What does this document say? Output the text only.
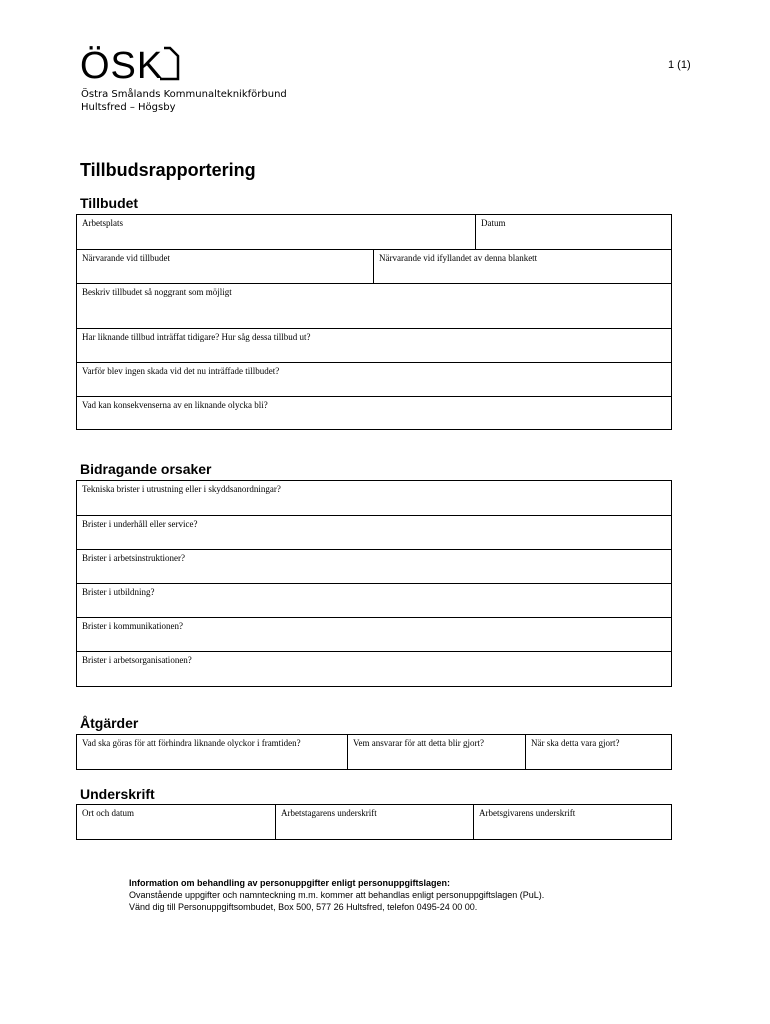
ÖSK
Östra Smålands Kommunalteknikförbund
Hultsfred – Högsby
1 (1)
Tillbudsrapportering
Tillbudet
Arbetsplats	Datum
Närvarande vid tillbudet	Närvarande vid ifyllandet av denna blankett
Beskriv tillbudet så noggrant som möjligt
Har liknande tillbud inträffat tidigare? Hur såg dessa tillbud ut?
Varför blev ingen skada vid det nu inträffade tillbudet?
Vad kan konsekvenserna av en liknande olycka bli?
Bidragande orsaker
Tekniska brister i utrustning eller i skyddsanordningar?
Brister i underhåll eller service?
Brister i arbetsinstruktioner?
Brister i utbildning?
Brister i kommunikationen?
Brister i arbetsorganisationen?
Åtgärder
Vad ska göras för att förhindra liknande olyckor i framtiden?	Vem ansvarar för att detta blir gjort?	När ska detta vara gjort?
Underskrift
Ort och datum	Arbetstagarens underskrift	Arbetsgivarens underskrift
Information om behandling av personuppgifter enligt personuppgiftslagen:
Ovanstående uppgifter och namnteckning m.m. kommer att behandlas enligt personuppgiftslagen (PuL).
Vänd dig till Personuppgiftsombudet, Box 500, 577 26 Hultsfred, telefon 0495-24 00 00.
